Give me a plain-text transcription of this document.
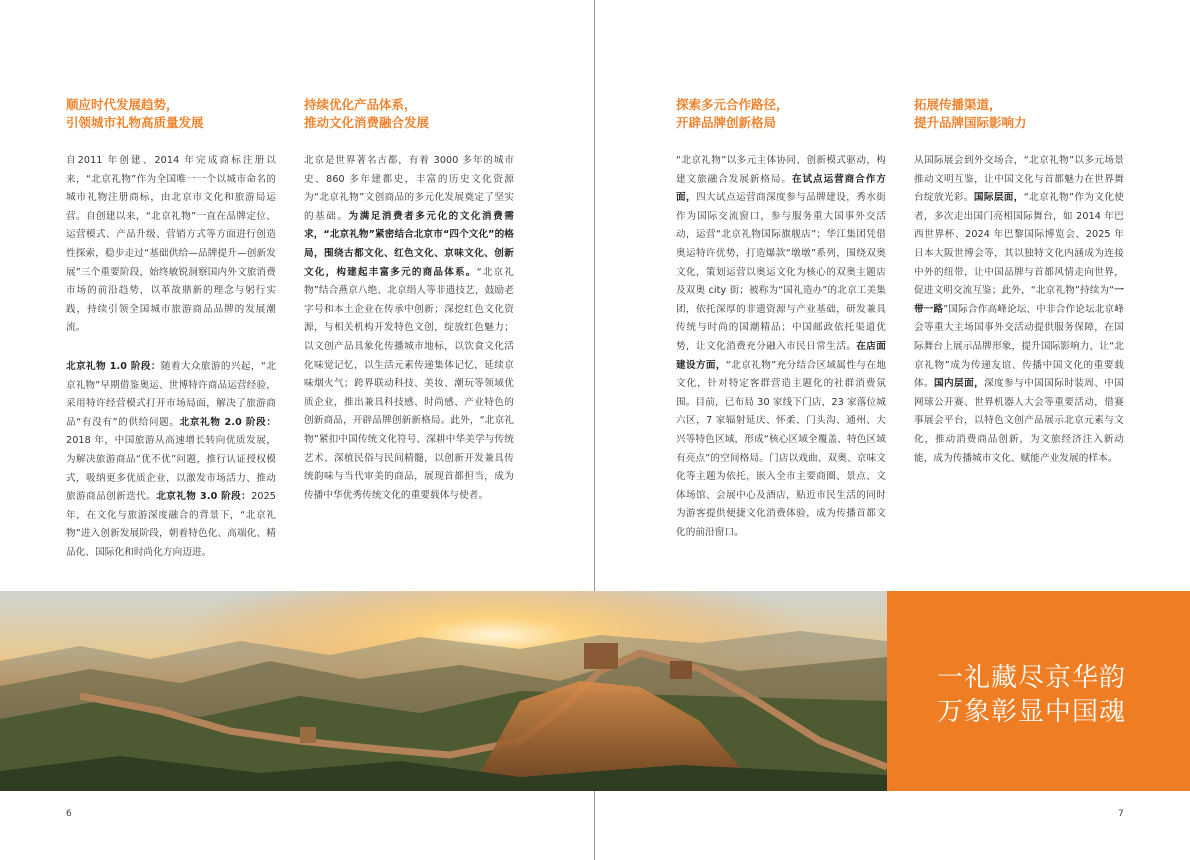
顺应时代发展趋势，
引领城市礼物高质量发展

自2011 年创建、2014 年完成商标注册以来，“北京礼物”作为全国唯一一个以城市命名的城市礼物注册商标，由北京市文化和旅游局运营。自创建以来，“北京礼物”一直在品牌定位、运营模式、产品升级、营销方式等方面进行创造性探索，稳步走过“基础供给—品牌提升—创新发展”三个重要阶段，始终敏锐洞察国内外文旅消费市场的前沿趋势，以革故鼎新的理念与躬行实践，持续引领全国城市旅游商品品牌的发展潮流。

北京礼物 1.0 阶段：随着大众旅游的兴起，“北京礼物”早期借鉴奥运、世博特许商品运营经验，采用特许经营模式打开市场局面，解决了旅游商品“有没有”的供给问题。北京礼物 2.0 阶段：2018 年，中国旅游从高速增长转向优质发展，为解决旅游商品“优不优”问题，推行认证授权模式，吸纳更多优质企业，以激发市场活力、推动旅游商品创新迭代。北京礼物 3.0 阶段：2025 年，在文化与旅游深度融合的背景下，“北京礼物”进入创新发展阶段，朝着特色化、高端化、精品化、国际化和时尚化方向迈进。

持续优化产品体系，
推动文化消费融合发展

北京是世界著名古都，有着 3000 多年的城市史、860 多年建都史，丰富的历史文化资源为“北京礼物”文创商品的多元化发展奠定了坚实的基础。为满足消费者多元化的文化消费需求，“北京礼物”紧密结合北京市“四个文化”的格局，围绕古都文化、红色文化、京味文化、创新文化，构建起丰富多元的商品体系。“北京礼物”结合燕京八绝、北京绢人等非遗技艺，鼓励老字号和本土企业在传承中创新；深挖红色文化资源，与相关机构开发特色文创，绽放红色魅力；以文创产品具象化传播城市地标，以饮食文化活化味觉记忆，以生活元素传递集体记忆，延续京味烟火气；跨界联动科技、美妆、潮玩等领域优质企业，推出兼具科技感、时尚感、产业特色的创新商品，开辟品牌创新新格局。此外，“北京礼物”紧扣中国传统文化符号、深耕中华美学与传统艺术、深植民俗与民间精髓，以创新开发兼具传统韵味与当代审美的商品，展现首都担当，成为传播中华优秀传统文化的重要载体与使者。

探索多元合作路径，
开辟品牌创新格局

“北京礼物”以多元主体协同、创新模式驱动，构建文旅融合发展新格局。在试点运营商合作方面，四大试点运营商深度参与品牌建设，秀水街作为国际交流窗口，参与服务重大国事外交活动，运营“北京礼物国际旗舰店”；华江集团凭借奥运特许优势，打造爆款“墩墩”系列，围绕双奥文化，策划运营以奥运文化为核心的双奥主题店及双奥 city 街；被称为“国礼造办”的北京工美集团，依托深厚的非遗资源与产业基础，研发兼具传统与时尚的国潮精品；中国邮政依托渠道优势，让文化消费充分融入市民日常生活。在店面建设方面，“北京礼物”充分结合区域属性与在地文化，针对特定客群营造主题化的社群消费氛围。目前，已布局 30 家线下门店，23 家落位城六区，7 家辐射延庆、怀柔、门头沟、通州、大兴等特色区域，形成“核心区域全覆盖、特色区域有亮点”的空间格局。门店以戏曲、双奥、京味文化等主题为依托，嵌入全市主要商圈、景点、文体场馆、会展中心及酒店，贴近市民生活的同时为游客提供便捷文化消费体验，成为传播首都文化的前沿窗口。

拓展传播渠道，
提升品牌国际影响力

从国际展会到外交场合，“北京礼物”以多元场景推动文明互鉴，让中国文化与首都魅力在世界舞台绽放光彩。国际层面，“北京礼物”作为文化使者，多次走出国门亮相国际舞台，如 2014 年巴西世界杯、2024 年巴黎国际博览会、2025 年日本大阪世博会等，其以独特文化内涵成为连接中外的纽带，让中国品牌与首都风情走向世界，促进文明交流互鉴；此外，“北京礼物”持续为“一带一路”国际合作高峰论坛、中非合作论坛北京峰会等重大主场国事外交活动提供服务保障，在国际舞台上展示品牌形象，提升国际影响力，让“北京礼物”成为传递友谊、传播中国文化的重要载体。国内层面，深度参与中国国际时装周、中国网球公开赛、世界机器人大会等重要活动，借赛事展会平台，以特色文创产品展示北京元素与文化，推动消费商品创新，为文旅经济注入新动能，成为传播城市文化、赋能产业发展的样本。

一礼藏尽京华韵
万象彰显中国魂
6	7
